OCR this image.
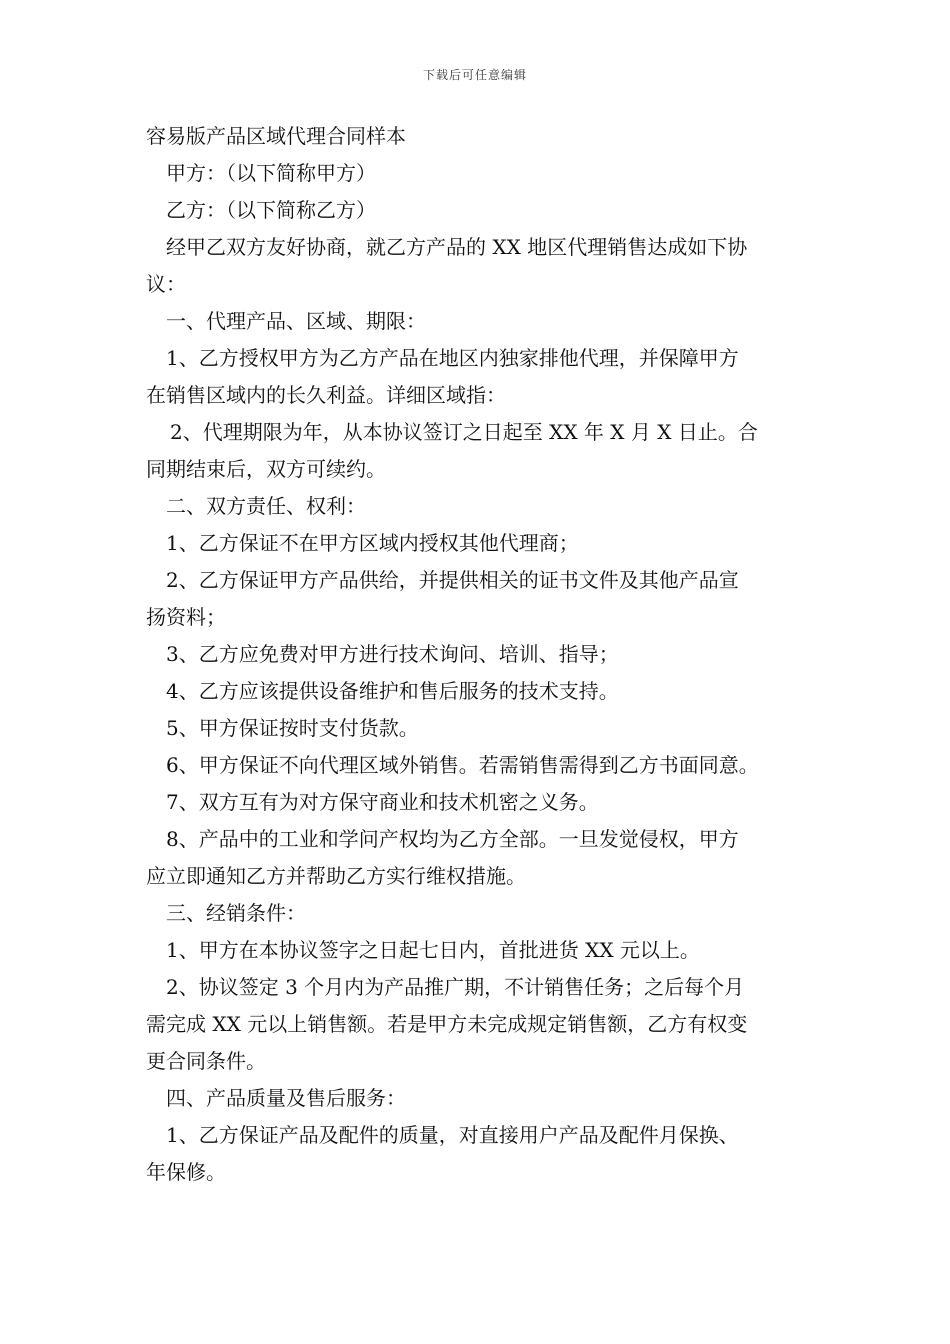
下载后可任意编辑
容易版产品区域代理合同样本
甲方：（以下简称甲方）
乙方：（以下简称乙方）
经甲乙双方友好协商，就乙方产品的 XX 地区代理销售达成如下协
议：
一、代理产品、区域、期限：
1、乙方授权甲方为乙方产品在地区内独家排他代理，并保障甲方
在销售区域内的长久利益。详细区域指：
2、代理期限为年，从本协议签订之日起至 XX 年 X 月 X 日止。合
同期结束后，双方可续约。
二、双方责任、权利：
1、乙方保证不在甲方区域内授权其他代理商；
2、乙方保证甲方产品供给，并提供相关的证书文件及其他产品宣
扬资料；
3、乙方应免费对甲方进行技术询问、培训、指导；
4、乙方应该提供设备维护和售后服务的技术支持。
5、甲方保证按时支付货款。
6、甲方保证不向代理区域外销售。若需销售需得到乙方书面同意。
7、双方互有为对方保守商业和技术机密之义务。
8、产品中的工业和学问产权均为乙方全部。一旦发觉侵权，甲方
应立即通知乙方并帮助乙方实行维权措施。
三、经销条件：
1、甲方在本协议签字之日起七日内，首批进货 XX 元以上。
2、协议签定 3 个月内为产品推广期，不计销售任务；之后每个月
需完成 XX 元以上销售额。若是甲方未完成规定销售额，乙方有权变
更合同条件。
四、产品质量及售后服务：
1、乙方保证产品及配件的质量，对直接用户产品及配件月保换、
年保修。
